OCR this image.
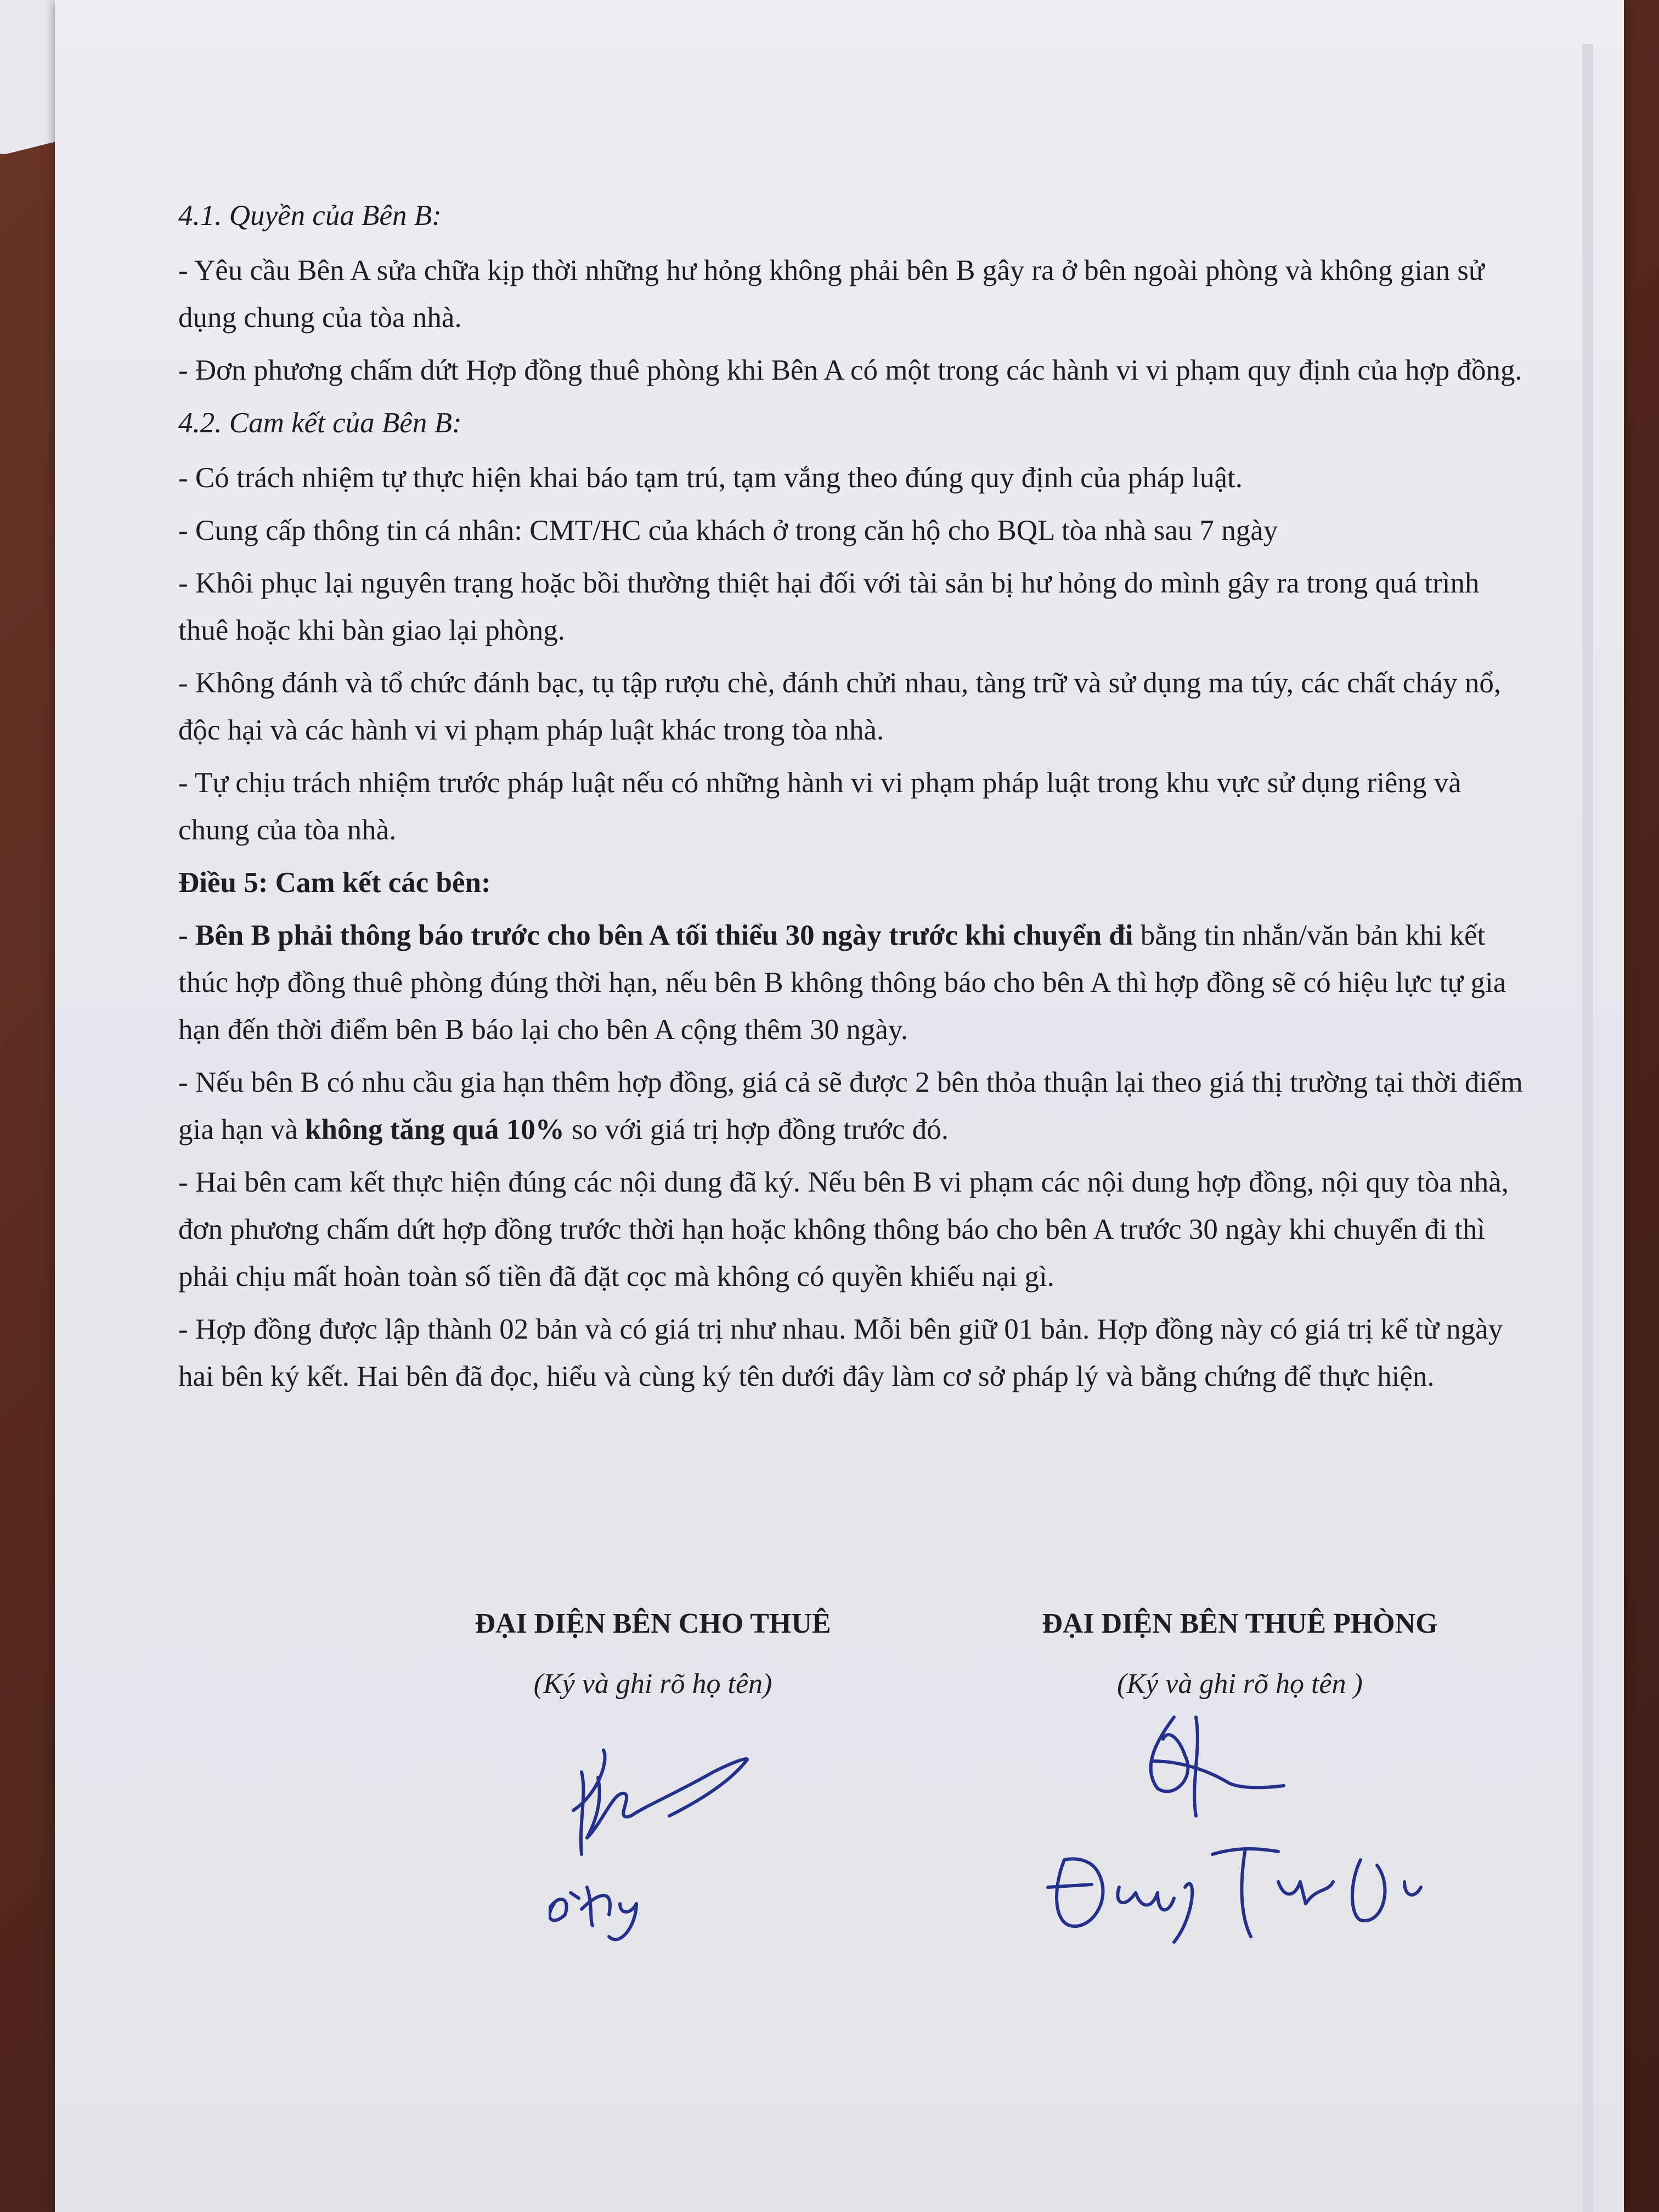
4.1. Quyền của Bên B:

- Yêu cầu Bên A sửa chữa kịp thời những hư hỏng không phải bên B gây ra ở bên ngoài phòng và không gian sử dụng chung của tòa nhà.

- Đơn phương chấm dứt Hợp đồng thuê phòng khi Bên A có một trong các hành vi vi phạm quy định của hợp đồng.

4.2. Cam kết của Bên B:

- Có trách nhiệm tự thực hiện khai báo tạm trú, tạm vắng theo đúng quy định của pháp luật.

- Cung cấp thông tin cá nhân: CMT/HC của khách ở trong căn hộ cho BQL tòa nhà sau 7 ngày

- Khôi phục lại nguyên trạng hoặc bồi thường thiệt hại đối với tài sản bị hư hỏng do mình gây ra trong quá trình thuê hoặc khi bàn giao lại phòng.

- Không đánh và tổ chức đánh bạc, tụ tập rượu chè, đánh chửi nhau, tàng trữ và sử dụng ma túy, các chất cháy nổ, độc hại và các hành vi vi phạm pháp luật khác trong tòa nhà.

- Tự chịu trách nhiệm trước pháp luật nếu có những hành vi vi phạm pháp luật trong khu vực sử dụng riêng và chung của tòa nhà.

Điều 5: Cam kết các bên:

- Bên B phải thông báo trước cho bên A tối thiểu 30 ngày trước khi chuyển đi bằng tin nhắn/văn bản khi kết thúc hợp đồng thuê phòng đúng thời hạn, nếu bên B không thông báo cho bên A thì hợp đồng sẽ có hiệu lực tự gia hạn đến thời điểm bên B báo lại cho bên A cộng thêm 30 ngày.

- Nếu bên B có nhu cầu gia hạn thêm hợp đồng, giá cả sẽ được 2 bên thỏa thuận lại theo giá thị trường tại thời điểm gia hạn và không tăng quá 10% so với giá trị hợp đồng trước đó.

- Hai bên cam kết thực hiện đúng các nội dung đã ký. Nếu bên B vi phạm các nội dung hợp đồng, nội quy tòa nhà, đơn phương chấm dứt hợp đồng trước thời hạn hoặc không thông báo cho bên A trước 30 ngày khi chuyển đi thì phải chịu mất hoàn toàn số tiền đã đặt cọc mà không có quyền khiếu nại gì.

- Hợp đồng được lập thành 02 bản và có giá trị như nhau. Mỗi bên giữ 01 bản. Hợp đồng này có giá trị kể từ ngày hai bên ký kết. Hai bên đã đọc, hiểu và cùng ký tên dưới đây làm cơ sở pháp lý và bằng chứng để thực hiện.

ĐẠI DIỆN BÊN CHO THUÊ
(Ký và ghi rõ họ tên)
ĐẠI DIỆN BÊN THUÊ PHÒNG
(Ký và ghi rõ họ tên )
